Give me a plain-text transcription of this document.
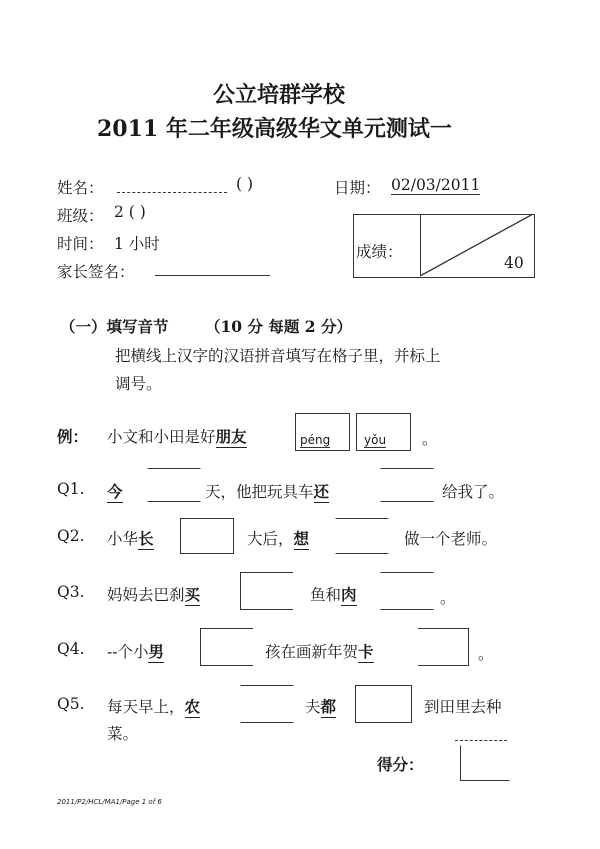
公立培群学校
2011 年二年级高级华文单元测试一
姓名：	( )	日期： 02/03/2011
班级： 2 ( )
时间： 1 小时
家长签名：
成绩：
40
（一）填写音节 （10 分 每题 2 分）
把横线上汉字的汉语拼音填写在格子里，并标上
调号。
例： 小文和小田是好朋友	péng	yǒu 。
Q1. 今	天，他把玩具车还	给我了。
Q2. 小华长	大后，想	做一个老师。
Q3. 妈妈去巴刹买	鱼和肉	。
Q4. --个小男	孩在画新年贺卡	。
Q5. 每天早上，农	夫都	到田里去种
菜。
得分：
2011/P2/HCL/MA1/Page 1 of 6
